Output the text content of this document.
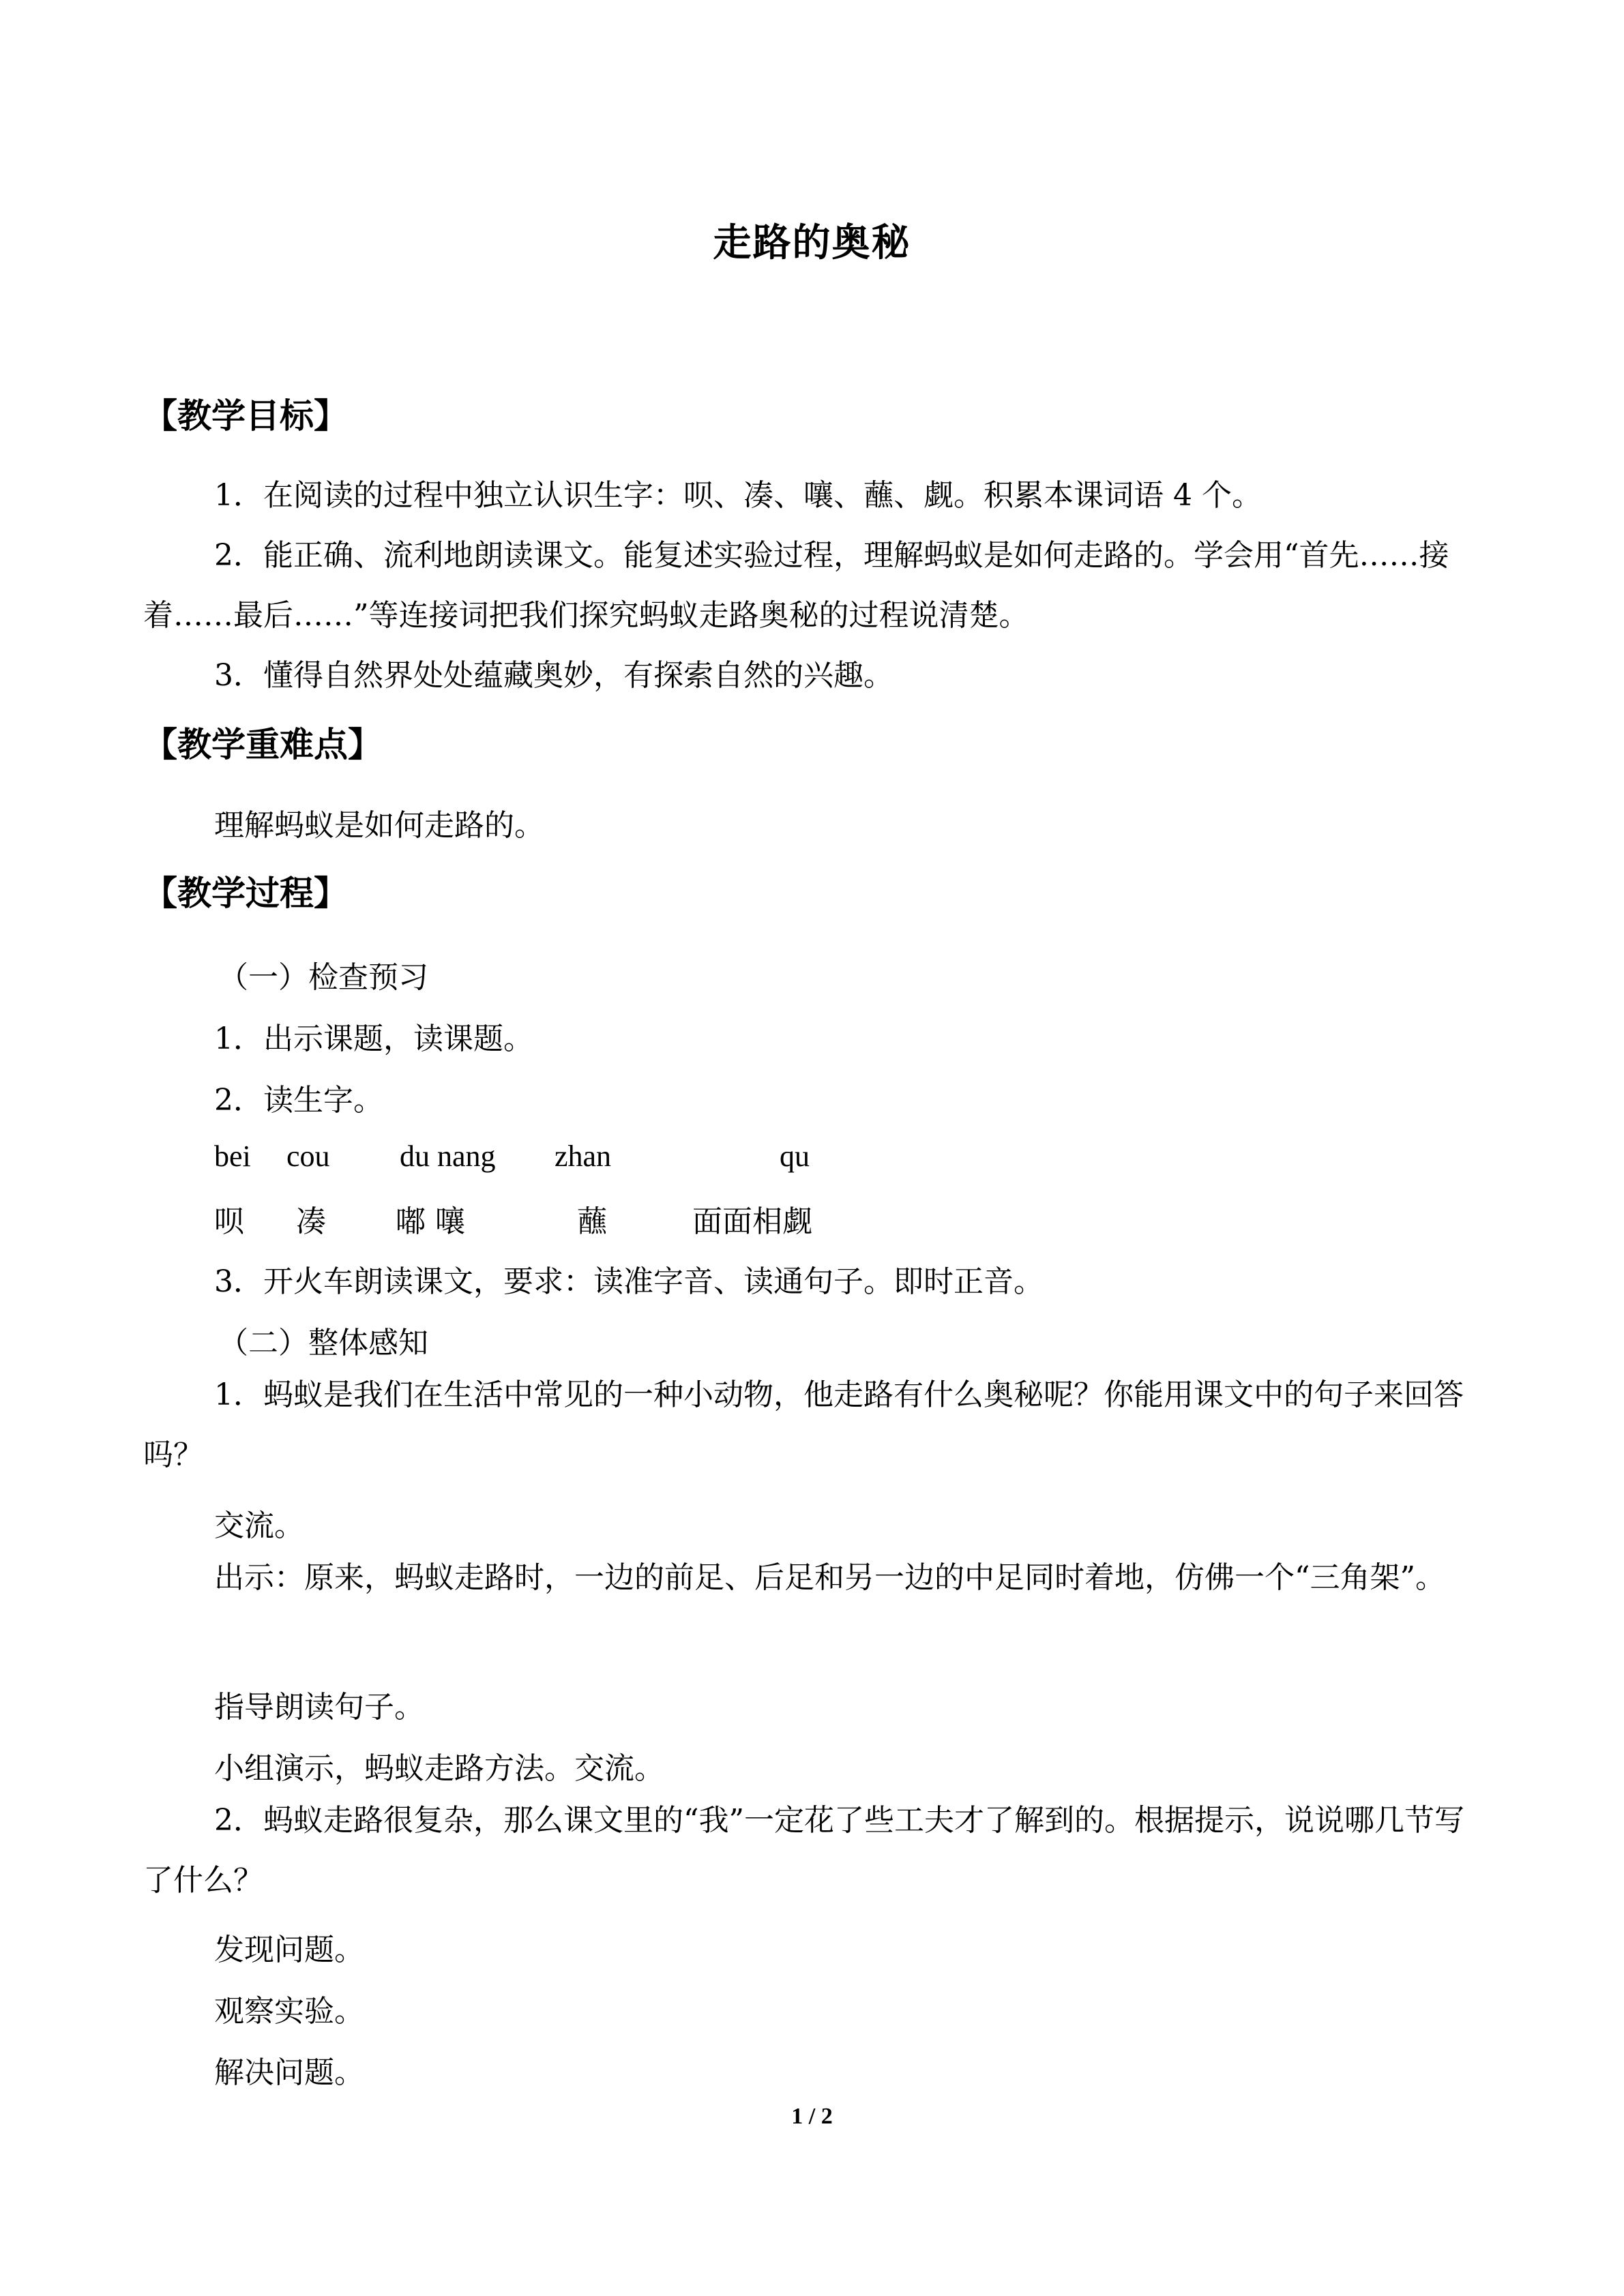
走路的奥秘
【教学目标】
1．在阅读的过程中独立认识生字：呗、凑、嚷、蘸、觑。积累本课词语 4 个。
2．能正确、流利地朗读课文。能复述实验过程，理解蚂蚁是如何走路的。学会用“首先……接着……最后……”等连接词把我们探究蚂蚁走路奥秘的过程说清楚。
3．懂得自然界处处蕴藏奥妙，有探索自然的兴趣。
【教学重难点】
理解蚂蚁是如何走路的。
【教学过程】
（一）检查预习
1．出示课题，读课题。
2．读生字。
bei cou du nang zhan	qu
呗 凑 嘟 嚷	蘸	面面相觑
3．开火车朗读课文，要求：读准字音、读通句子。即时正音。
（二）整体感知
1．蚂蚁是我们在生活中常见的一种小动物，他走路有什么奥秘呢？你能用课文中的句子来回答吗？
交流。
出示：原来，蚂蚁走路时，一边的前足、后足和另一边的中足同时着地，仿佛一个“三角架”。
指导朗读句子。
小组演示，蚂蚁走路方法。交流。
2．蚂蚁走路很复杂，那么课文里的“我”一定花了些工夫才了解到的。根据提示，说说哪几节写了什么？
发现问题。
观察实验。
解决问题。
1 / 2
